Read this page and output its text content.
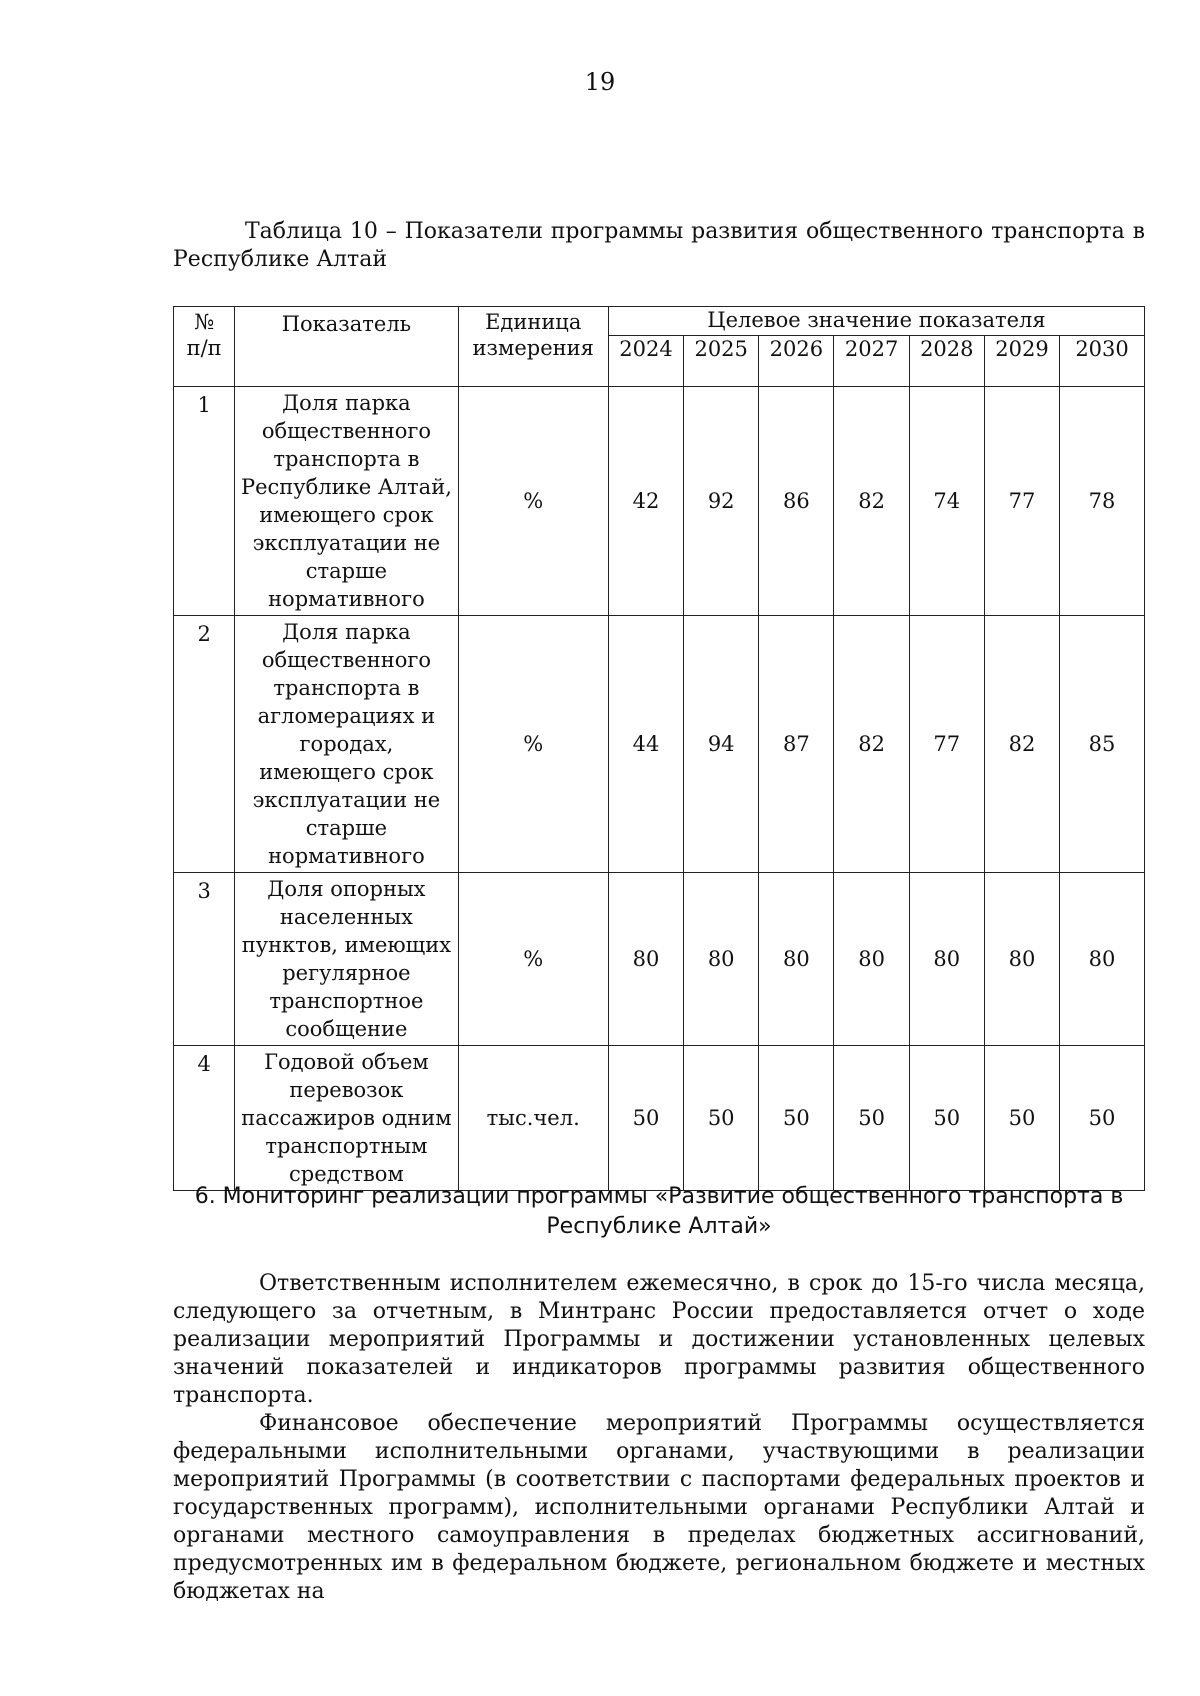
19
Таблица 10 – Показатели программы развития общественного транспорта в Республике Алтай
№ п/п	Показатель	Единица измерения	Целевое значение показателя						
			2024	2025	2026	2027	2028	2029	2030
1	Доля парка общественного транспорта в Республике Алтай, имеющего срок эксплуатации не старше нормативного	%	42	92	86	82	74	77	78
2	Доля парка общественного транспорта в агломерациях и городах, имеющего срок эксплуатации не старше нормативного	%	44	94	87	82	77	82	85
3	Доля опорных населенных пунктов, имеющих регулярное транспортное сообщение	%	80	80	80	80	80	80	80
4	Годовой объем перевозок пассажиров одним транспортным средством	тыс.чел.	50	50	50	50	50	50	50
6. Мониторинг реализации программы «Развитие общественного транспорта в Республике Алтай»

Ответственным исполнителем ежемесячно, в срок до 15-го числа месяца, следующего за отчетным, в Минтранс России предоставляется отчет о ходе реализации мероприятий Программы и достижении установленных целевых значений показателей и индикаторов программы развития общественного транспорта.

Финансовое обеспечение мероприятий Программы осуществляется федеральными исполнительными органами, участвующими в реализации мероприятий Программы (в соответствии с паспортами федеральных проектов и государственных программ), исполнительными органами Республики Алтай и органами местного самоуправления в пределах бюджетных ассигнований, предусмотренных им в федеральном бюджете, региональном бюджете и местных бюджетах на
